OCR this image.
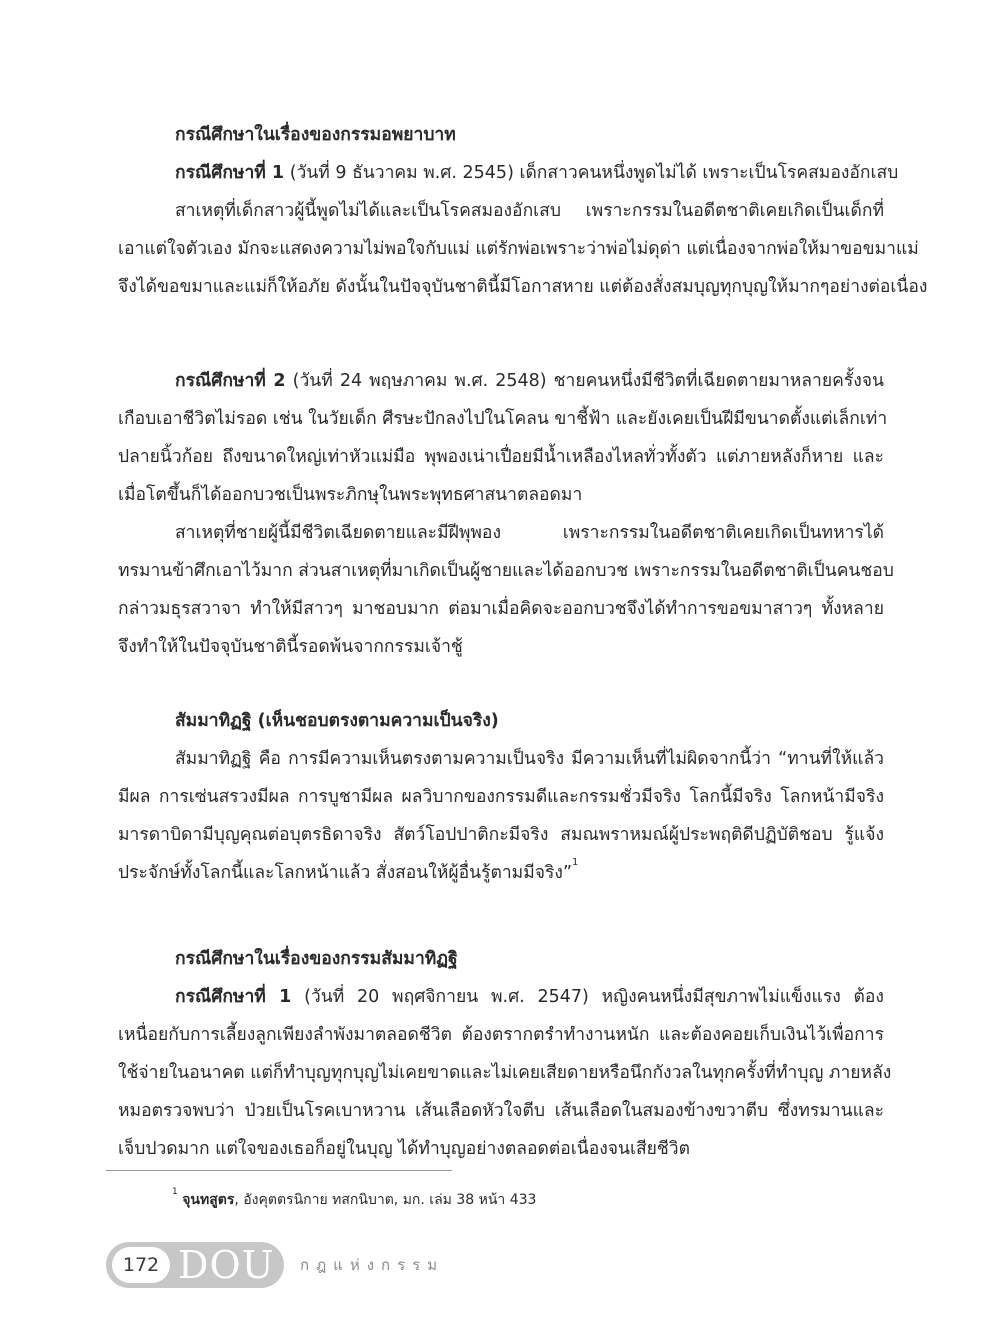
กรณีศึกษาในเรื่องของกรรมอพยาบาท
กรณีศึกษาที่ 1 (วันที่ 9 ธันวาคม พ.ศ. 2545) เด็กสาวคนหนึ่งพูดไม่ได้ เพราะเป็นโรคสมองอักเสบ
สาเหตุที่เด็กสาวผู้นี้พูดไม่ได้และเป็นโรคสมองอักเสบ เพราะกรรมในอดีตชาติเคยเกิดเป็นเด็กที่
เอาแต่ใจตัวเอง มักจะแสดงความไม่พอใจกับแม่ แต่รักพ่อเพราะว่าพ่อไม่ดุด่า แต่เนื่องจากพ่อให้มาขอขมาแม่
จึงได้ขอขมาและแม่ก็ให้อภัย ดังนั้นในปัจจุบันชาตินี้มีโอกาสหาย แต่ต้องสั่งสมบุญทุกบุญให้มากๆอย่างต่อเนื่อง
กรณีศึกษาที่ 2 (วันที่ 24 พฤษภาคม พ.ศ. 2548) ชายคนหนึ่งมีชีวิตที่เฉียดตายมาหลายครั้งจน
เกือบเอาชีวิตไม่รอด เช่น ในวัยเด็ก ศีรษะปักลงไปในโคลน ขาชี้ฟ้า และยังเคยเป็นฝีมีขนาดตั้งแต่เล็กเท่า
ปลายนิ้วก้อย ถึงขนาดใหญ่เท่าหัวแม่มือ พุพองเน่าเปื่อยมีน้ำเหลืองไหลทั่วทั้งตัว แต่ภายหลังก็หาย และ
เมื่อโตขึ้นก็ได้ออกบวชเป็นพระภิกษุในพระพุทธศาสนาตลอดมา
สาเหตุที่ชายผู้นี้มีชีวิตเฉียดตายและมีฝีพุพอง เพราะกรรมในอดีตชาติเคยเกิดเป็นทหารได้
ทรมานข้าศึกเอาไว้มาก ส่วนสาเหตุที่มาเกิดเป็นผู้ชายและได้ออกบวช เพราะกรรมในอดีตชาติเป็นคนชอบ
กล่าวมธุรสวาจา ทำให้มีสาวๆ มาชอบมาก ต่อมาเมื่อคิดจะออกบวชจึงได้ทำการขอขมาสาวๆ ทั้งหลาย
จึงทำให้ในปัจจุบันชาตินี้รอดพ้นจากกรรมเจ้าชู้
สัมมาทิฏฐิ (เห็นชอบตรงตามความเป็นจริง)
สัมมาทิฏฐิ คือ การมีความเห็นตรงตามความเป็นจริง มีความเห็นที่ไม่ผิดจากนี้ว่า “ทานที่ให้แล้ว
มีผล การเซ่นสรวงมีผล การบูชามีผล ผลวิบากของกรรมดีและกรรมชั่วมีจริง โลกนี้มีจริง โลกหน้ามีจริง
มารดาบิดามีบุญคุณต่อบุตรธิดาจริง สัตว์โอปปาติกะมีจริง สมณพราหมณ์ผู้ประพฤติดีปฏิบัติชอบ รู้แจ้ง
ประจักษ์ทั้งโลกนี้และโลกหน้าแล้ว สั่งสอนให้ผู้อื่นรู้ตามมีจริง”$^1$
กรณีศึกษาในเรื่องของกรรมสัมมาทิฏฐิ
กรณีศึกษาที่ 1 (วันที่ 20 พฤศจิกายน พ.ศ. 2547) หญิงคนหนึ่งมีสุขภาพไม่แข็งแรง ต้อง
เหนื่อยกับการเลี้ยงลูกเพียงลำพังมาตลอดชีวิต ต้องตรากตรำทำงานหนัก และต้องคอยเก็บเงินไว้เพื่อการ
ใช้จ่ายในอนาคต แต่ก็ทำบุญทุกบุญไม่เคยขาดและไม่เคยเสียดายหรือนึกกังวลในทุกครั้งที่ทำบุญ ภายหลัง
หมอตรวจพบว่า ป่วยเป็นโรคเบาหวาน เส้นเลือดหัวใจตีบ เส้นเลือดในสมองข้างขวาตีบ ซึ่งทรมานและ
เจ็บปวดมาก แต่ใจของเธอก็อยู่ในบุญ ได้ทำบุญอย่างตลอดต่อเนื่องจนเสียชีวิต
$^1$ จุนทสูตร, อังคุตตรนิกาย ทสกนิบาต, มก. เล่ม 38 หน้า 433
172 DOU กฎแห่งกรรม
